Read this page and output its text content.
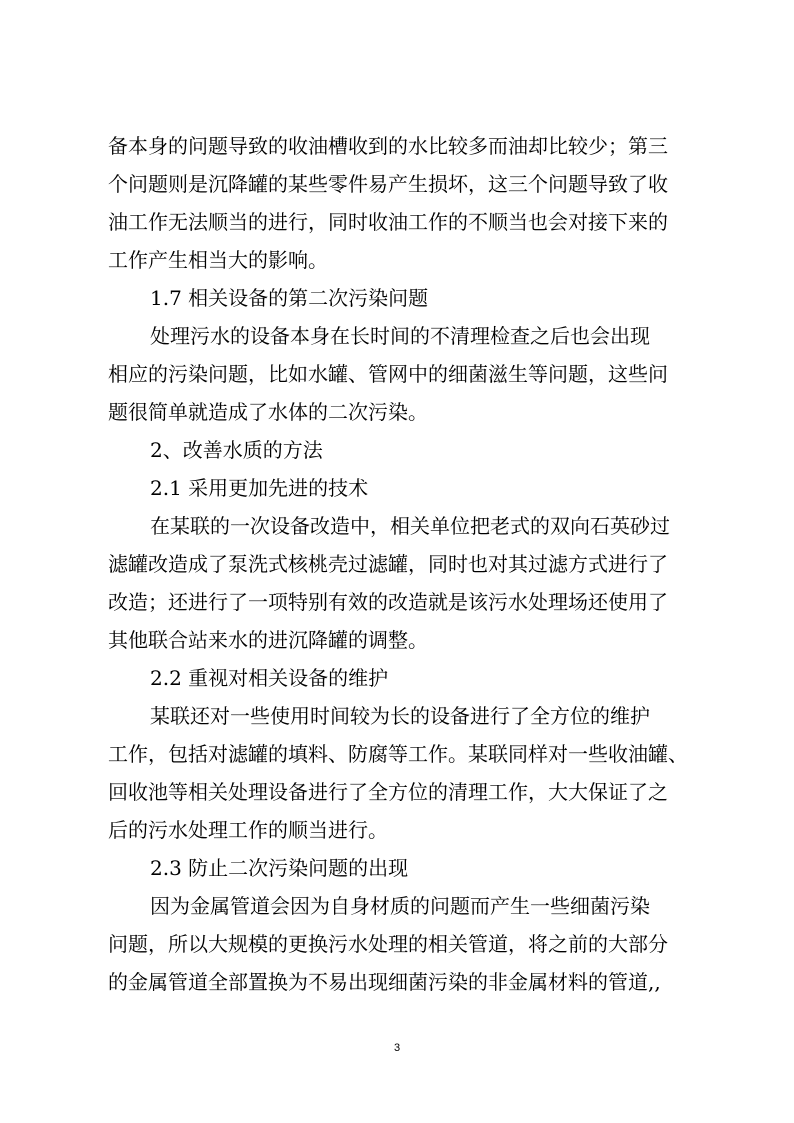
备本身的问题导致的收油槽收到的水比较多而油却比较少；第三
个问题则是沉降罐的某些零件易产生损坏，这三个问题导致了收
油工作无法顺当的进行，同时收油工作的不顺当也会对接下来的
工作产生相当大的影响。
1.7 相关设备的第二次污染问题
处理污水的设备本身在长时间的不清理检查之后也会出现
相应的污染问题，比如水罐、管网中的细菌滋生等问题，这些问
题很简单就造成了水体的二次污染。
2、改善水质的方法
2.1 采用更加先进的技术
在某联的一次设备改造中，相关单位把老式的双向石英砂过
滤罐改造成了泵洗式核桃壳过滤罐，同时也对其过滤方式进行了
改造；还进行了一项特别有效的改造就是该污水处理场还使用了
其他联合站来水的进沉降罐的调整。
2.2 重视对相关设备的维护
某联还对一些使用时间较为长的设备进行了全方位的维护
工作，包括对滤罐的填料、防腐等工作。某联同样对一些收油罐、
回收池等相关处理设备进行了全方位的清理工作，大大保证了之
后的污水处理工作的顺当进行。
2.3 防止二次污染问题的出现
因为金属管道会因为自身材质的问题而产生一些细菌污染
问题，所以大规模的更换污水处理的相关管道，将之前的大部分
的金属管道全部置换为不易出现细菌污染的非金属材料的管道,,
3
